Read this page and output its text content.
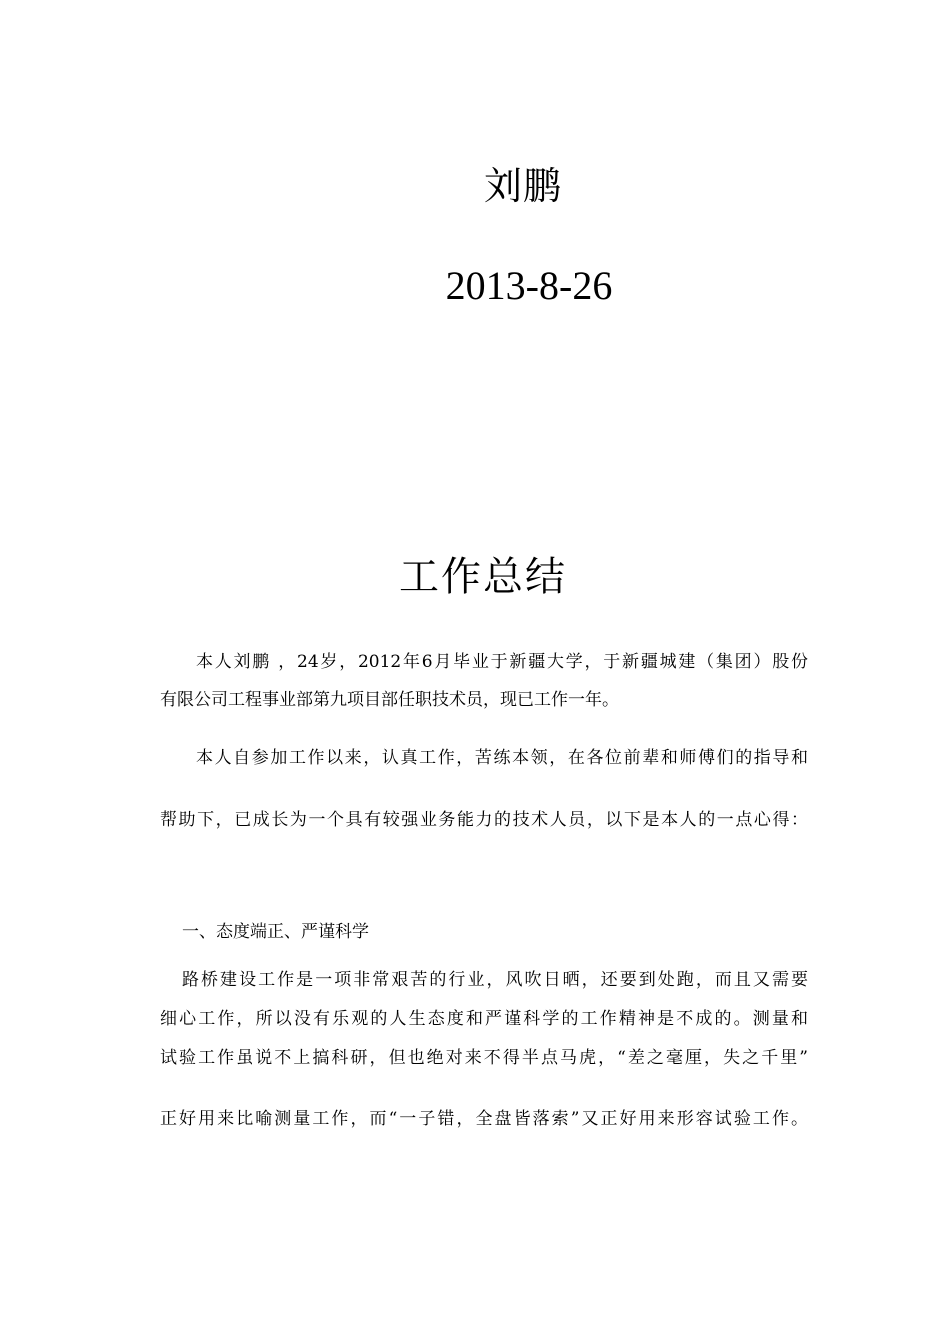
刘鹏
2013-8-26
工作总结
本人刘鹏 ，24岁，2012年6月毕业于新疆大学，于新疆城建（集团）股份
有限公司工程事业部第九项目部任职技术员，现已工作一年。
本人自参加工作以来，认真工作，苦练本领，在各位前辈和师傅们的指导和
帮助下，已成长为一个具有较强业务能力的技术人员，以下是本人的一点心得：
一、态度端正、严谨科学
路桥建设工作是一项非常艰苦的行业，风吹日晒，还要到处跑，而且又需要
细心工作，所以没有乐观的人生态度和严谨科学的工作精神是不成的。测量和
试验工作虽说不上搞科研，但也绝对来不得半点马虎，“差之毫厘，失之千里”
正好用来比喻测量工作，而“一子错，全盘皆落索”又正好用来形容试验工作。
